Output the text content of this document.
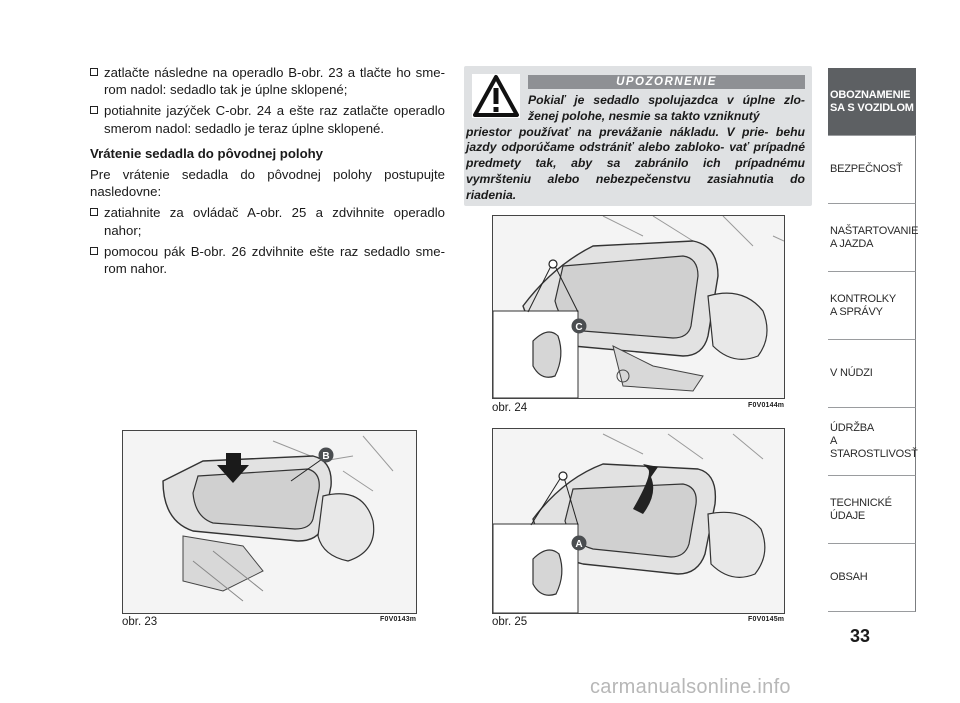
zatlačte následne na operadlo B-obr. 23 a tlačte ho sme- rom nadol: sedadlo tak je úplne sklopené;
potiahnite jazýček C-obr. 24 a ešte raz zatlačte operadlo smerom nadol: sedadlo je teraz úplne sklopené.
Vrátenie sedadla do pôvodnej polohy
Pre vrátenie sedadla do pôvodnej polohy postupujte nasledovne:
zatiahnite za ovládač A-obr. 25 a zdvihnite operadlo nahor;
pomocou pák B-obr. 26 zdvihnite ešte raz sedadlo sme- rom nahor.
UPOZORNENIE
Pokiaľ je sedadlo spolujazdca v úplne zlo- ženej polohe, nesmie sa takto vzniknutý
priestor používať na prevážanie nákladu. V prie- behu jazdy odporúčame odstrániť alebo zabloko- vať prípadné predmety tak, aby sa zabránilo ich prípadnému vymršteniu alebo nebezpečenstvu zasiahnutia do riadenia.
C
obr. 24	F0V0144m
A
obr. 25	F0V0145m
B
obr. 23	F0V0143m
OBOZNAMENIE
SA S VOZIDLOM
BEZPEČNOSŤ
NAŠTARTOVANIE
A JAZDA
KONTROLKY
A SPRÁVY
V NÚDZI
ÚDRŽBA
A STAROSTLIVOSŤ
TECHNICKÉ
ÚDAJE
OBSAH
33
carmanualsonline.info
